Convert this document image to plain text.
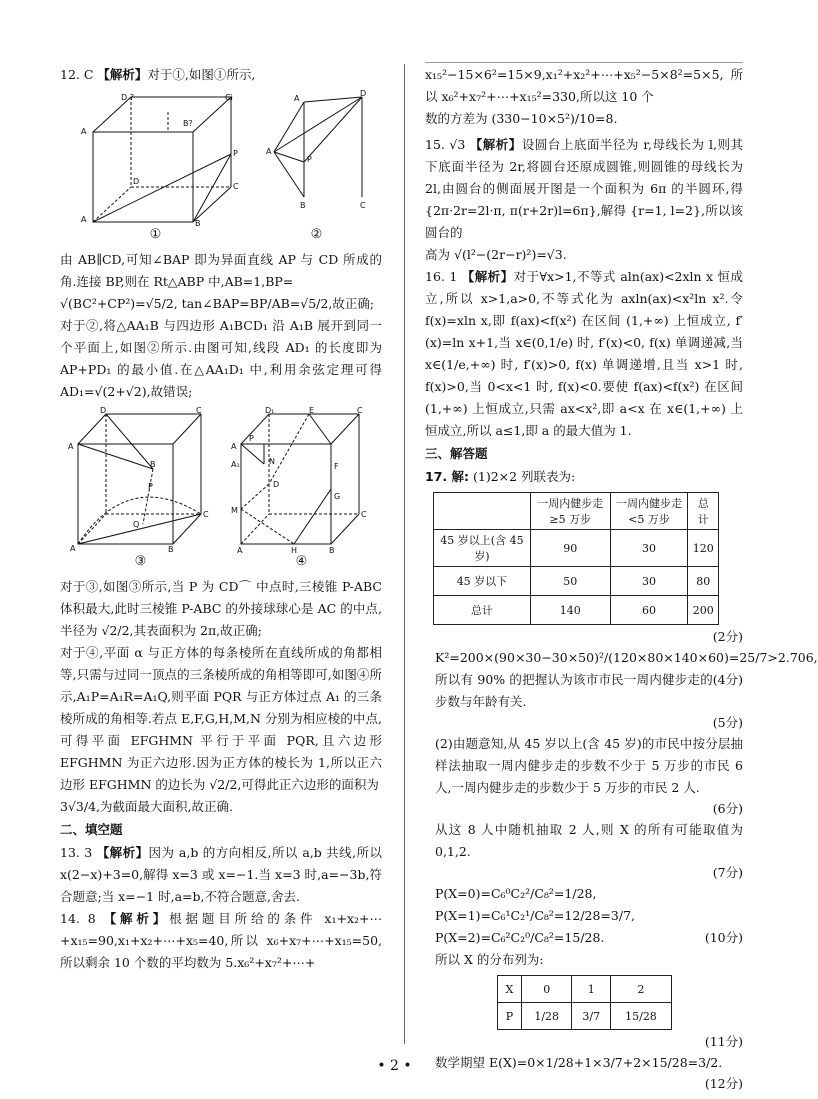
12. C 【解析】对于①,如图①所示,

D ?	Ci
A
B?
P
D
C
A	B
①
A
D
A
P
B	C
②

由 AB∥CD,可知∠BAP 即为异面直线 AP 与 CD 所成的角.连接 BP,则在 Rt△ABP 中,AB=1,BP=

√(BC²+CP²)=√5/2, tan∠BAP=BP/AB=√5/2,故正确;

对于②,将△AA₁B 与四边形 A₁BCD₁ 沿 A₁B 展开到同一个平面上,如图②所示.由图可知,线段 AD₁ 的长度即为 AP+PD₁ 的最小值.在△AA₁D₁ 中,利用余弦定理可得 AD₁=√(2+√2),故错误;

D	C
A
B
P
Q
C
A	B
③
D₁	E	C
A
P
A₁	N
F
G
D
M	C
A	H	B
④

对于③,如图③所示,当 P 为 CD⌒ 中点时,三棱锥 P-ABC 体积最大,此时三棱锥 P-ABC 的外接球球心是 AC 的中点,半径为 √2/2,其表面积为 2π,故正确;

对于④,平面 α 与正方体的每条棱所在直线所成的角都相等,只需与过同一顶点的三条棱所成的角相等即可,如图④所示,A₁P=A₁R=A₁Q,则平面 PQR 与正方体过点 A₁ 的三条棱所成的角相等.若点 E,F,G,H,M,N 分别为相应棱的中点,可得平面 EFGHMN 平行于平面 PQR,且六边形 EFGHMN 为正六边形.因为正方体的棱长为 1,所以正六边形 EFGHMN 的边长为 √2/2,可得此正六边形的面积为

3√3/4,为截面最大面积,故正确.

二、填空题

13. 3 【解析】因为 a,b 的方向相反,所以 a,b 共线,所以 x(2−x)+3=0,解得 x=3 或 x=−1.当 x=3 时,a=−3b,符合题意;当 x=−1 时,a=b,不符合题意,舍去.

14. 8 【解析】根据题目所给的条件 x₁+x₂+⋯+x₁₅=90,x₁+x₂+⋯+x₅=40,所以 x₆+x₇+⋯+x₁₅=50,所以剩余 10 个数的平均数为 5.x₆²+x₇²+⋯+

x₁₅²−15×6²=15×9,x₁²+x₂²+⋯+x₅²−5×8²=5×5,所以 x₆²+x₇²+⋯+x₁₅²=330,所以这 10 个

数的方差为 (330−10×5²)/10=8.

15. √3 【解析】设圆台上底面半径为 r,母线长为 l,则其下底面半径为 2r,将圆台还原成圆锥,则圆锥的母线长为 2l,由圆台的侧面展开图是一个面积为 6π 的半圆环,得 {2π·2r=2l·π, π(r+2r)l=6π},解得 {r=1, l=2},所以该圆台的

高为 √(l²−(2r−r)²)=√3.

16. 1 【解析】对于∀x>1,不等式 aln(ax)<2xln x 恒成立,所以 x>1,a>0,不等式化为 axln(ax)<x²ln x².令 f(x)=xln x,即 f(ax)<f(x²) 在区间 (1,+∞) 上恒成立, f′(x)=ln x+1,当 x∈(0,1/e) 时, f′(x)<0, f(x) 单调递减,当 x∈(1/e,+∞) 时, f′(x)>0, f(x) 单调递增,且当 x>1 时, f(x)>0,当 0<x<1 时, f(x)<0.要使 f(ax)<f(x²) 在区间 (1,+∞) 上恒成立,只需 ax<x²,即 a<x 在 x∈(1,+∞) 上恒成立,所以 a≤1,即 a 的最大值为 1.

三、解答题

17. 解: (1)2×2 列联表为:

	一周内健步走≥5 万步	一周内健步走<5 万步	总计
45 岁以上(含 45 岁)	90	30	120
45 岁以下	50	30	80
总计	140	60	200
(2分)

K²=200×(90×30−30×50)²/(120×80×140×60)=25/7>2.706,
(4分)

所以有 90% 的把握认为该市市民一周内健步走的步数与年龄有关.

(5分)

(2)由题意知,从 45 岁以上(含 45 岁)的市民中按分层抽样法抽取一周内健步走的步数不少于 5 万步的市民 6 人,一周内健步走的步数少于 5 万步的市民 2 人.

(6分)

从这 8 人中随机抽取 2 人,则 X 的所有可能取值为 0,1,2.

(7分)

P(X=0)=C₆⁰C₂²/C₈²=1/28, P(X=1)=C₆¹C₂¹/C₈²=12/28=3/7,

P(X=2)=C₆²C₂⁰/C₈²=15/28.	(10分)

所以 X 的分布列为:

X	0	1	2
P	1/28	3/7	15/28
(11分)

数学期望 E(X)=0×1/28+1×3/7+2×15/28=3/2.

(12分)
• 2 •
